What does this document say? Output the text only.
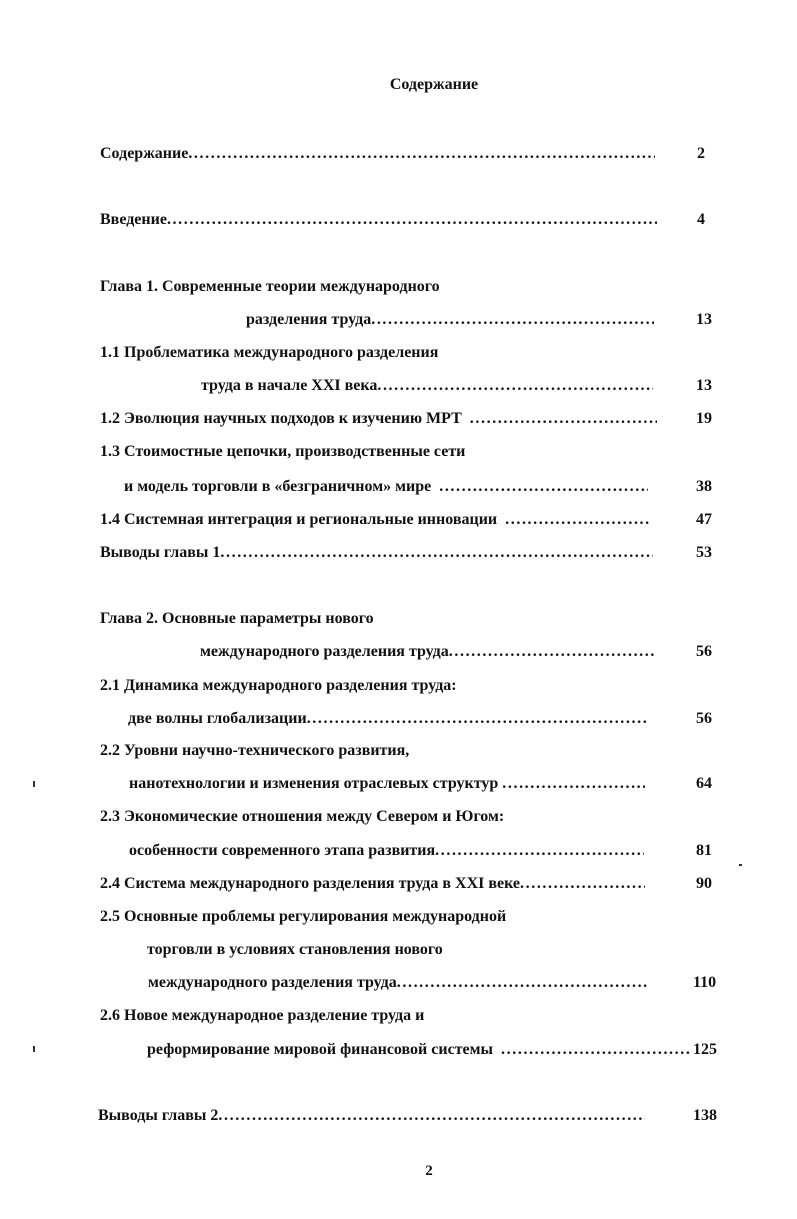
Содержание
Содержание . . .	2
Введение . . .	4
Глава 1. Современные теории международного
разделения труда . . .	13
1.1 Проблематика международного разделения
труда в начале XXI века . . .	13
1.2 Эволюция научных подходов к изучению МРТ . . .	19
1.3 Стоимостные цепочки, производственные сети
и модель торговли в «безграничном» мире . . .	38
1.4 Системная интеграция и региональные инновации . . .	47
Выводы главы 1 . . .	53
Глава 2. Основные параметры нового
международного разделения труда . . .	56
2.1 Динамика международного разделения труда:
две волны глобализации . . .	56
2.2 Уровни научно-технического развития,
нанотехнологии и изменения отраслевых структур . . .	64
2.3 Экономические отношения между Севером и Югом:
особенности современного этапа развития . . .	81
2.4 Система международного разделения труда в XXI веке . . .	90
2.5 Основные проблемы регулирования международной
торговли в условиях становления нового
международного разделения труда . . .	110
2.6 Новое международное разделение труда и
реформирование мировой финансовой системы . . .	125
Выводы главы 2 . . .	138
2
